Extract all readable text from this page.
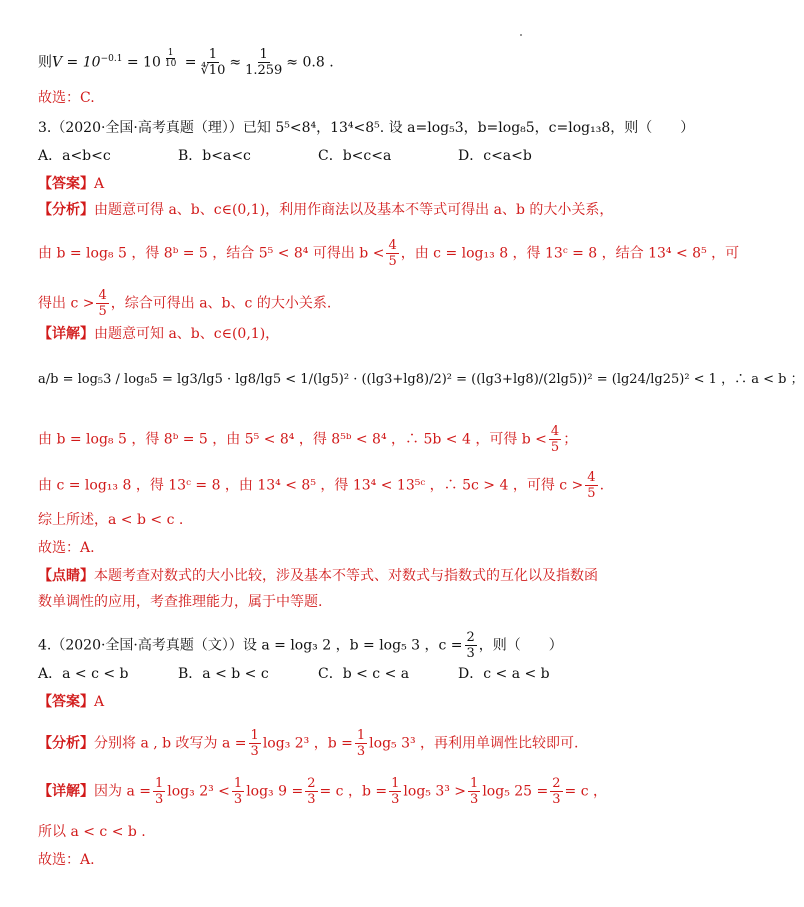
则$V = 10^{-0.1} = 10$ $^{\frac{1}{10}} = \frac{1}{∜10} \approx \frac{1}{1.259} \approx 0.8$ .
故选：C.
3.（2020·全国·高考真题（理））已知 5⁵<8⁴，13⁴<8⁵. 设 a=log₅3，b=log₈5，c=log₁₃8，则（　　）
A．a<b<c	B．b<a<c	C．b<c<a	D．c<a<b
【答案】A
【分析】由题意可得 a、b、c∈(0,1)，利用作商法以及基本不等式可得出 a、b 的大小关系，
由 b = log₈ 5 ，得 8ᵇ = 5 ，结合 5⁵ < 8⁴ 可得出 $b < \frac{4}{5}$ ，由 c = log₁₃ 8 ，得 13ᶜ = 8 ，结合 13⁴ < 8⁵ ，可
得出 $c > \frac{4}{5}$ ，综合可得出 a、b、c 的大小关系.
【详解】由题意可知 a、b、c∈(0,1)，
a/b = log₅3 / log₈5 = lg3/lg5 · lg8/lg5 < 1/(lg5)² · ((lg3+lg8)/2)² = ((lg3+lg8)/(2lg5))² = (lg24/lg25)² < 1 ，∴ a < b ；
由 b = log₈ 5 ，得 8ᵇ = 5 ，由 5⁵ < 8⁴ ，得 8⁵ᵇ < 8⁴ ，∴ 5b < 4 ，可得 $b < \frac{4}{5}$ ；
由 c = log₁₃ 8 ，得 13ᶜ = 8 ，由 13⁴ < 8⁵ ，得 13⁴ < 13⁵ᶜ ，∴ 5c > 4 ，可得 $c > \frac{4}{5}$ .
综上所述，a < b < c .
故选：A.
【点睛】本题考查对数式的大小比较，涉及基本不等式、对数式与指数式的互化以及指数函
数单调性的应用，考查推理能力，属于中等题.
4.（2020·全国·高考真题（文））设 a = log₃ 2 ，b = log₅ 3 ，$c = \frac{2}{3}$ ，则（　　）
A．a < c < b	B．a < b < c	C．b < c < a	D．c < a < b
【答案】A
【分析】分别将 a , b 改写为 $a = \frac{1}{3} \log_3$ 2³ ，$b = \frac{1}{3} \log_5$ 3³ ，再利用单调性比较即可.
【详解】因为 $a = \frac{1}{3} \log_3$ $2^3 < \frac{1}{3} \log_3$ $9 = \frac{2}{3} = c$ ，$b = \frac{1}{3} \log_5$ $3^3 > \frac{1}{3} \log_5$ $25 = \frac{2}{3} = c$ ，
所以 a < c < b .
故选：A.
